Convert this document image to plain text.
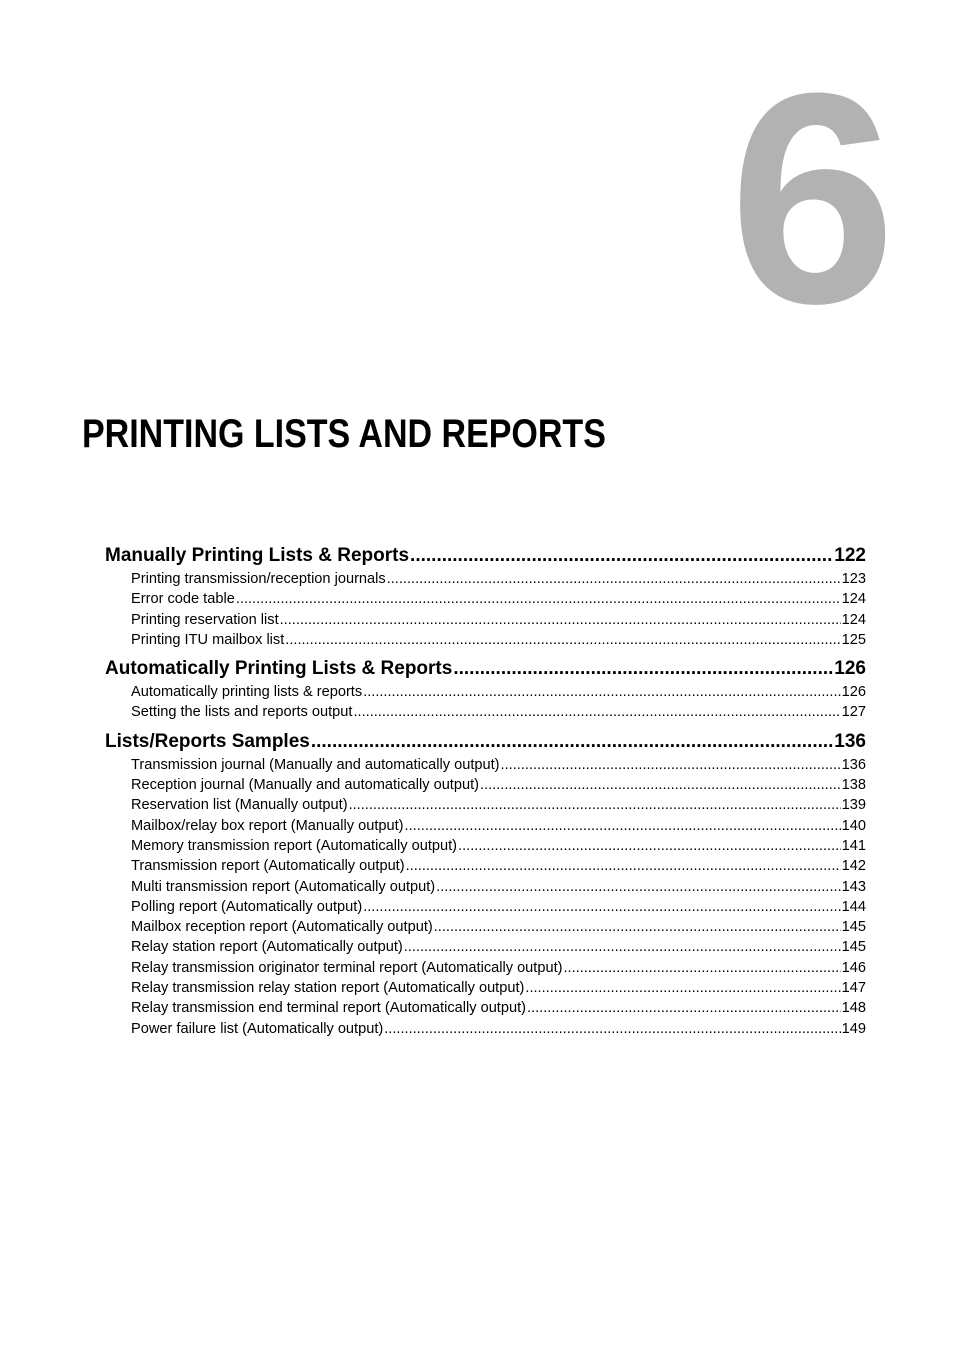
6
PRINTING LISTS AND REPORTS
Manually Printing Lists & Reports .....	122
Printing transmission/reception journals .....	123
Error code table .....	124
Printing reservation list .....	124
Printing ITU mailbox list .....	125
Automatically Printing Lists & Reports .....	126
Automatically printing lists & reports .....	126
Setting the lists and reports output .....	127
Lists/Reports Samples .....	136
Transmission journal (Manually and automatically output) .....	136
Reception journal (Manually and automatically output) .....	138
Reservation list (Manually output) .....	139
Mailbox/relay box report (Manually output) .....	140
Memory transmission report (Automatically output) .....	141
Transmission report (Automatically output) .....	142
Multi transmission report (Automatically output) .....	143
Polling report (Automatically output) .....	144
Mailbox reception report (Automatically output) .....	145
Relay station report (Automatically output) .....	145
Relay transmission originator terminal report (Automatically output) .....	146
Relay transmission relay station report (Automatically output) .....	147
Relay transmission end terminal report (Automatically output) .....	148
Power failure list (Automatically output) .....	149
